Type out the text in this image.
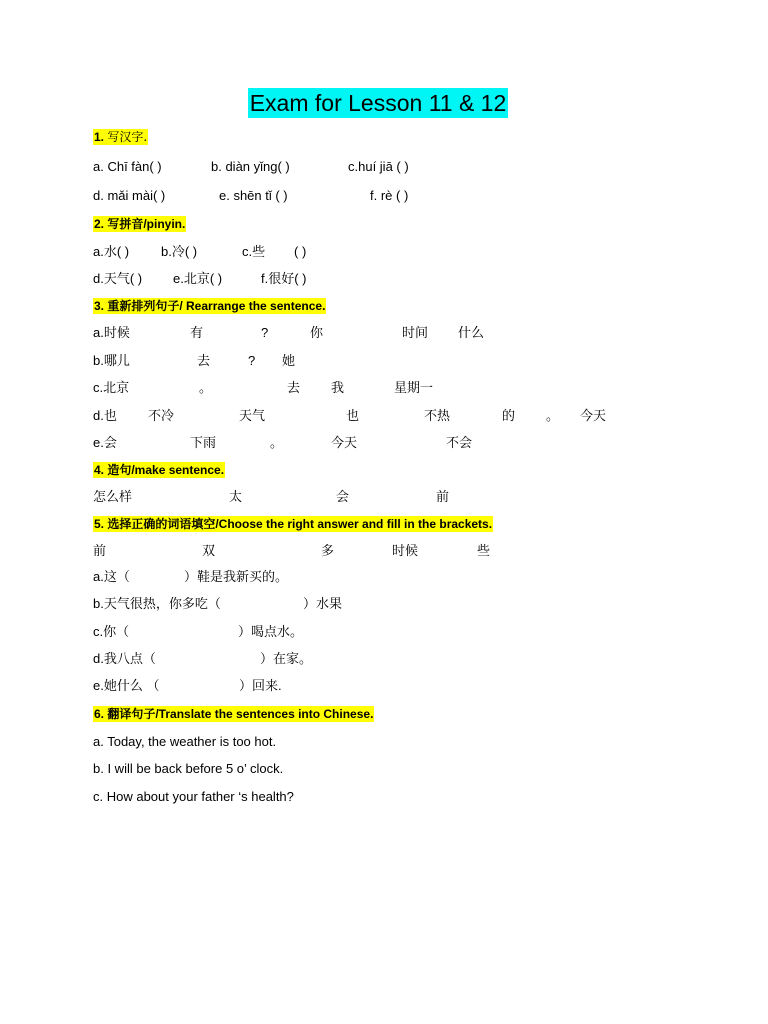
Exam for Lesson 11 & 12
1. 写汉字.
a. Chī fàn( )	b. diàn yǐng( )	c.huí jiā ( )
d. mǎi mài( )	e. shēn tǐ ( )	f. rè ( )
2. 写拼音/pinyin.
a.水( ) b.冷( )	c.些 ( )
d.天气( ) e.北京( )	f.很好( )
3. 重新排列句子/ Rearrange the sentence.
a.时候	有	?	你	时间 什么
b.哪儿	去	? 她
c.北京	。	去 我	星期一
d.也 不冷	天气	也	不热	的 。 今天
e.会	下雨	。	今天	不会
4. 造句/make sentence.
怎么样	太	会	前
5. 选择正确的词语填空/Choose the right answer and fill in the brackets.
前	双	多	时候	些
a.这（	）鞋是我新买的。
b.天气很热，你多吃（	）水果
c.你（	）喝点水。
d.我八点（	）在家。
e.她什么 （	）回来.
6. 翻译句子/Translate the sentences into Chinese.
a. Today, the weather is too hot.
b. I will be back before 5 o’ clock.
c. How about your father ‘s health?
